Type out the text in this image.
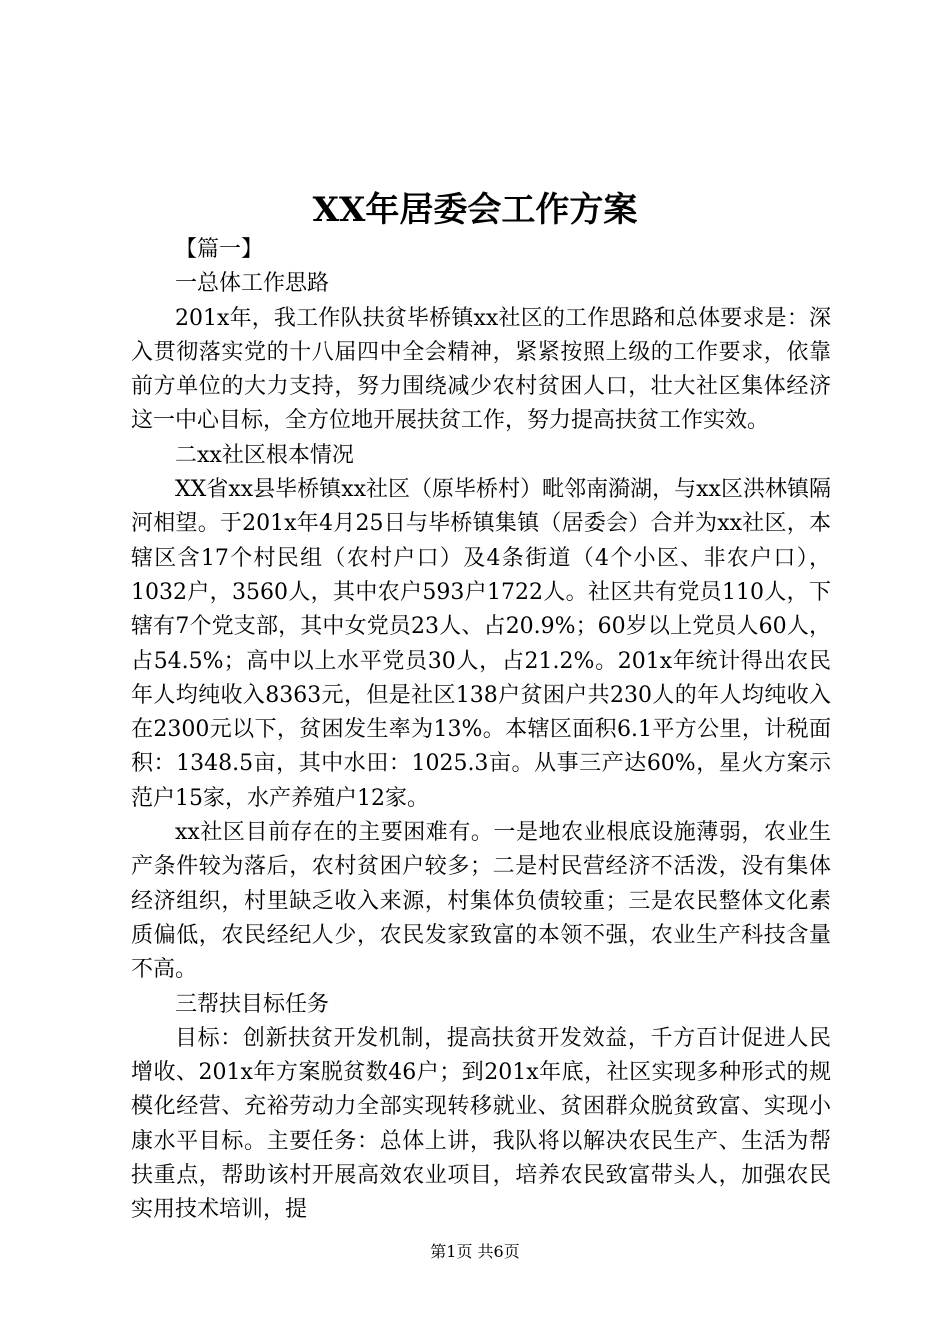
XX年居委会工作方案

【篇一】

一总体工作思路

201x年，我工作队扶贫毕桥镇xx社区的工作思路和总体要求是：深入贯彻落实党的十八届四中全会精神，紧紧按照上级的工作要求，依靠前方单位的大力支持，努力围绕减少农村贫困人口，壮大社区集体经济这一中心目标，全方位地开展扶贫工作，努力提高扶贫工作实效。

二xx社区根本情况

XX省xx县毕桥镇xx社区（原毕桥村）毗邻南漪湖，与xx区洪林镇隔河相望。于201x年4月25日与毕桥镇集镇（居委会）合并为xx社区，本辖区含17个村民组（农村户口）及4条街道（4个小区、非农户口），1032户，3560人，其中农户593户1722人。社区共有党员110人，下辖有7个党支部，其中女党员23人、占20.9%；60岁以上党员人60人，占54.5%；高中以上水平党员30人，占21.2%。201x年统计得出农民年人均纯收入8363元，但是社区138户贫困户共230人的年人均纯收入在2300元以下，贫困发生率为13%。本辖区面积6.1平方公里，计税面积：1348.5亩，其中水田：1025.3亩。从事三产达60%，星火方案示范户15家，水产养殖户12家。

xx社区目前存在的主要困难有。一是地农业根底设施薄弱，农业生产条件较为落后，农村贫困户较多；二是村民营经济不活泼，没有集体经济组织，村里缺乏收入来源，村集体负债较重；三是农民整体文化素质偏低，农民经纪人少，农民发家致富的本领不强，农业生产科技含量不高。

三帮扶目标任务

目标：创新扶贫开发机制，提高扶贫开发效益，千方百计促进人民增收、201x年方案脱贫数46户；到201x年底，社区实现多种形式的规模化经营、充裕劳动力全部实现转移就业、贫困群众脱贫致富、实现小康水平目标。主要任务：总体上讲，我队将以解决农民生产、生活为帮扶重点，帮助该村开展高效农业项目，培养农民致富带头人，加强农民实用技术培训，提

第1页 共6页
